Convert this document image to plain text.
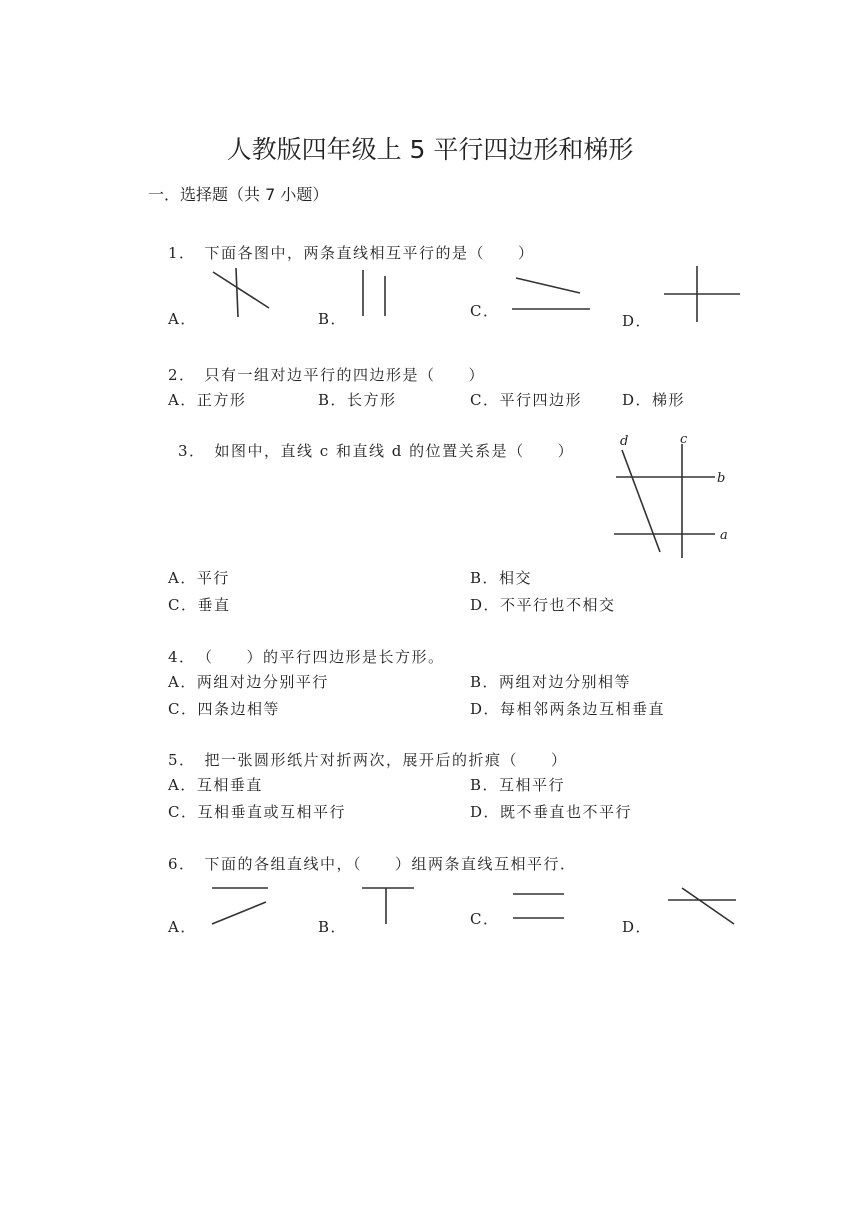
人教版四年级上 5 平行四边形和梯形
一．选择题（共 7 小题）
1．　下面各图中，两条直线相互平行的是（　　）
A．	B．	C．
D．
2．　只有一组对边平行的四边形是（　　）
A．正方形	B．长方形	C．平行四边形	D．梯形
3．　如图中，直线 c 和直线 d 的位置关系是（　　）
d	c
b
a
A．平行	B．相交
C．垂直	D．不平行也不相交
4．　（　　）的平行四边形是长方形。
A．两组对边分别平行	B．两组对边分别相等
C．四条边相等	D．每相邻两条边互相垂直
5．　把一张圆形纸片对折两次，展开后的折痕（　　）
A．互相垂直	B．互相平行
C．互相垂直或互相平行	D．既不垂直也不平行
6．　下面的各组直线中，（　　）组两条直线互相平行．
A．	B．	C．	D．
